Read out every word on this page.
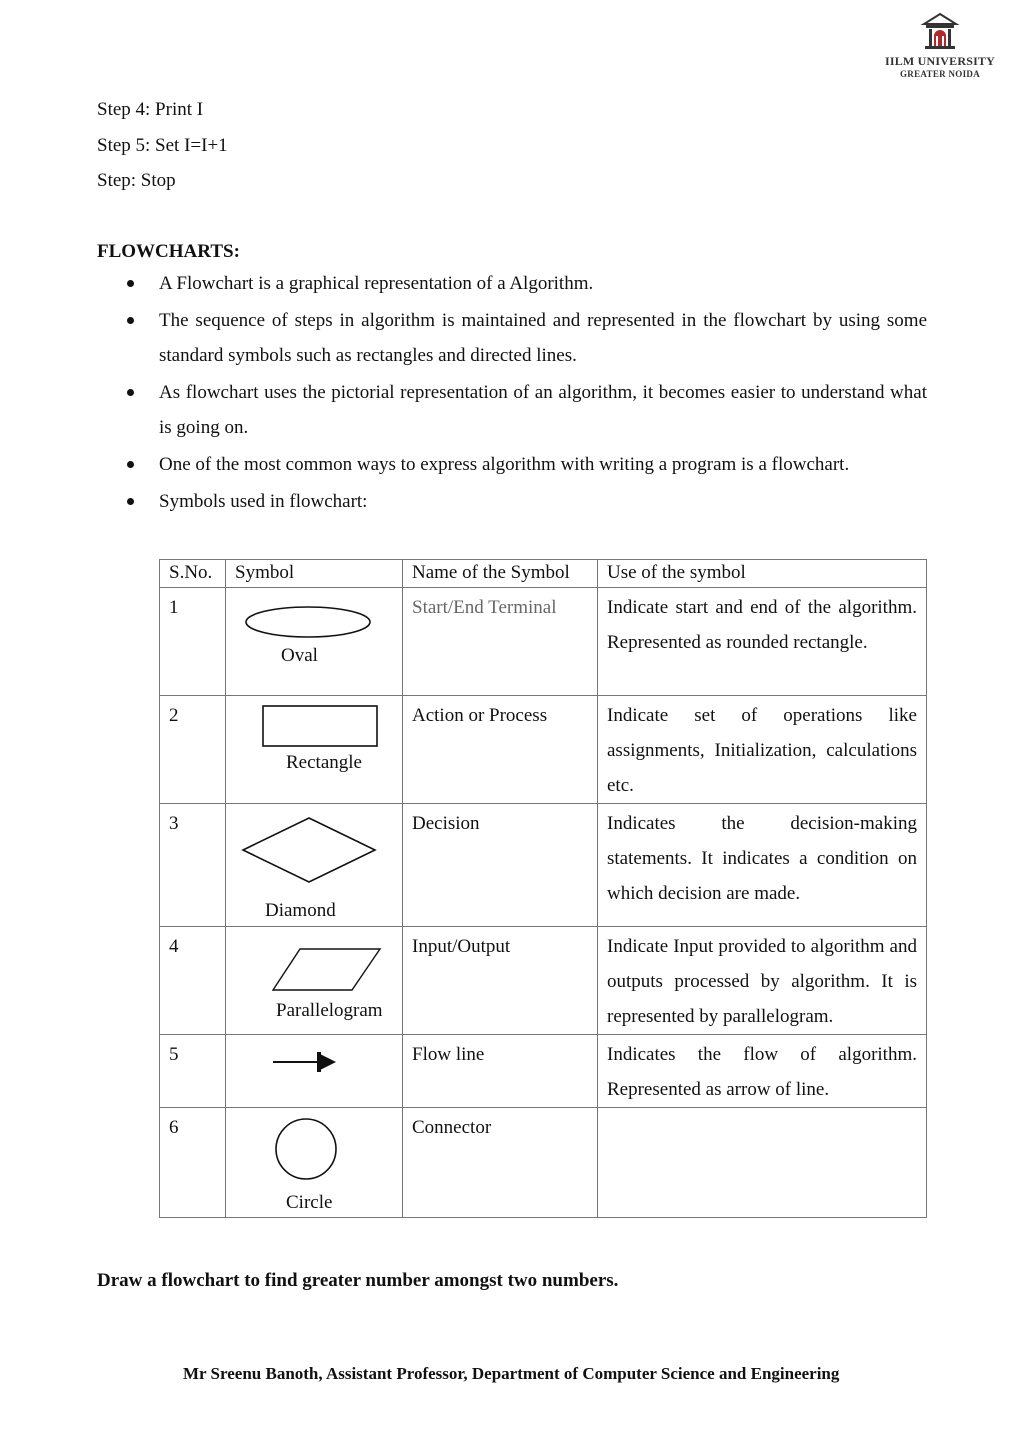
IILM UNIVERSITY
GREATER NOIDA
Step 4: Print I
Step 5: Set I=I+1
Step: Stop
FLOWCHARTS:
A Flowchart is a graphical representation of a Algorithm.
The sequence of steps in algorithm is maintained and represented in the flowchart by using some standard symbols such as rectangles and directed lines.
As flowchart uses the pictorial representation of an algorithm, it becomes easier to understand what is going on.
One of the most common ways to express algorithm with writing a program is a flowchart.
Symbols used in flowchart:
S.No.	Symbol	Name of the Symbol	Use of the symbol
1	Oval	Start/End Terminal	Indicate start and end of the algorithm. Represented as rounded rectangle.
2	Rectangle	Action or Process	Indicate set of operations like assignments, Initialization, calculations etc.
3	Diamond	Decision	Indicates the decision-making statements. It indicates a condition on which decision are made.
4	Parallelogram	Input/Output	Indicate Input provided to algorithm and outputs processed by algorithm. It is represented by parallelogram.
5		Flow line	Indicates the flow of algorithm. Represented as arrow of line.
6	Circle	Connector	
Draw a flowchart to find greater number amongst two numbers.
Mr Sreenu Banoth, Assistant Professor, Department of Computer Science and Engineering
